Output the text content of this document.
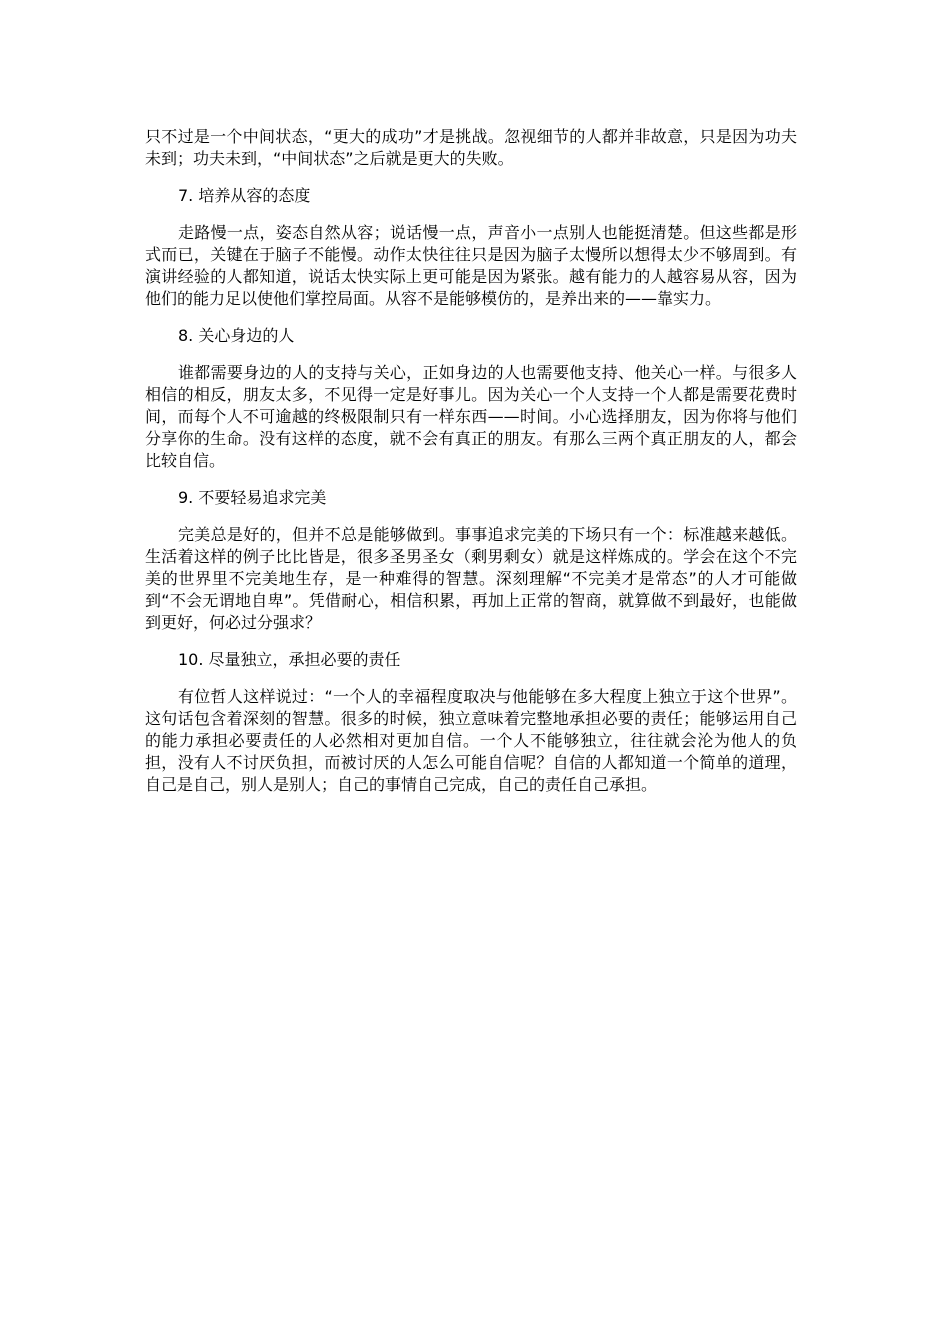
只不过是一个中间状态，“更大的成功”才是挑战。忽视细节的人都并非故意，只是因为功夫未到；功夫未到，“中间状态”之后就是更大的失败。

7. 培养从容的态度

走路慢一点，姿态自然从容；说话慢一点，声音小一点别人也能挺清楚。但这些都是形式而已，关键在于脑子不能慢。动作太快往往只是因为脑子太慢所以想得太少不够周到。有演讲经验的人都知道，说话太快实际上更可能是因为紧张。越有能力的人越容易从容，因为他们的能力足以使他们掌控局面。从容不是能够模仿的，是养出来的——靠实力。

8. 关心身边的人

谁都需要身边的人的支持与关心，正如身边的人也需要他支持、他关心一样。与很多人相信的相反，朋友太多，不见得一定是好事儿。因为关心一个人支持一个人都是需要花费时间，而每个人不可逾越的终极限制只有一样东西——时间。小心选择朋友，因为你将与他们分享你的生命。没有这样的态度，就不会有真正的朋友。有那么三两个真正朋友的人，都会比较自信。

9. 不要轻易追求完美

完美总是好的，但并不总是能够做到。事事追求完美的下场只有一个：标准越来越低。生活着这样的例子比比皆是，很多圣男圣女（剩男剩女）就是这样炼成的。学会在这个不完美的世界里不完美地生存，是一种难得的智慧。深刻理解“不完美才是常态”的人才可能做到“不会无谓地自卑”。凭借耐心，相信积累，再加上正常的智商，就算做不到最好，也能做到更好，何必过分强求？

10. 尽量独立，承担必要的责任

有位哲人这样说过：“一个人的幸福程度取决与他能够在多大程度上独立于这个世界”。这句话包含着深刻的智慧。很多的时候，独立意味着完整地承担必要的责任；能够运用自己的能力承担必要责任的人必然相对更加自信。一个人不能够独立，往往就会沦为他人的负担，没有人不讨厌负担，而被讨厌的人怎么可能自信呢？自信的人都知道一个简单的道理，自己是自己，别人是别人；自己的事情自己完成，自己的责任自己承担。
